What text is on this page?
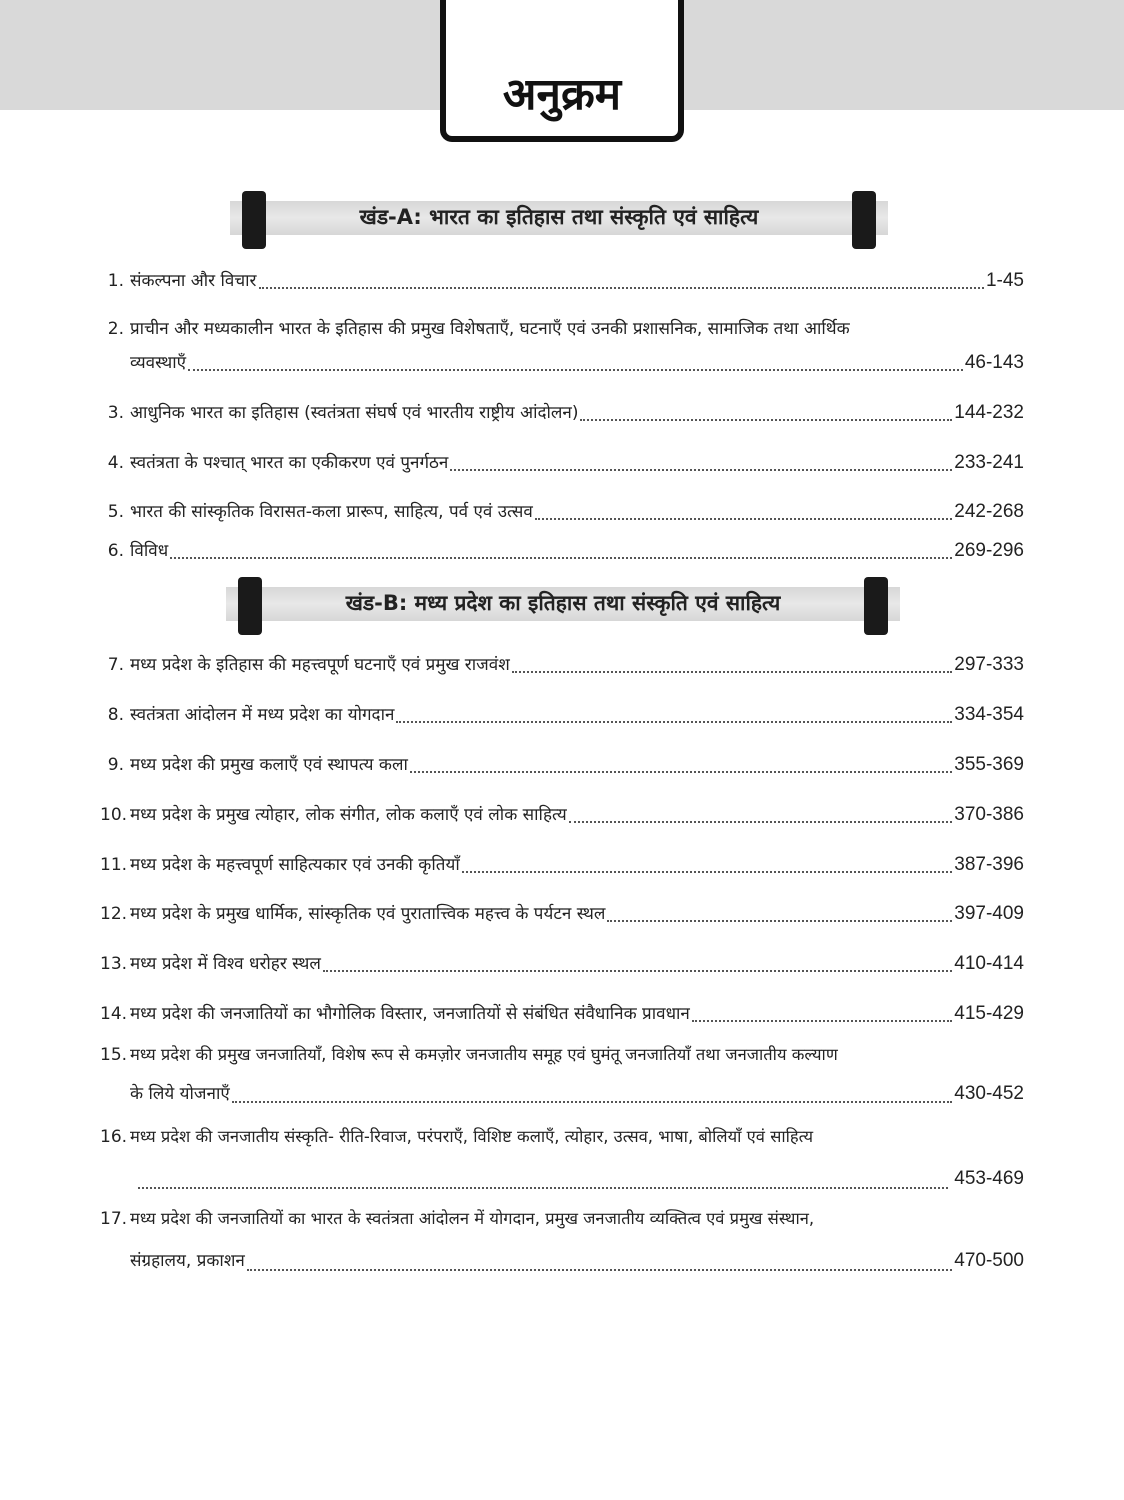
अनुक्रम
खंड-A: भारत का इतिहास तथा संस्कृति एवं साहित्य
खंड-B: मध्य प्रदेश का इतिहास तथा संस्कृति एवं साहित्य
1. संकल्पना और विचार	1-45
2. प्राचीन और मध्यकालीन भारत के इतिहास की प्रमुख विशेषताएँ, घटनाएँ एवं उनकी प्रशासनिक, सामाजिक तथा आर्थिक
व्यवस्थाएँ	46-143
3. आधुनिक भारत का इतिहास (स्वतंत्रता संघर्ष एवं भारतीय राष्ट्रीय आंदोलन)	144-232
4. स्वतंत्रता के पश्चात् भारत का एकीकरण एवं पुनर्गठन	233-241
5. भारत की सांस्कृतिक विरासत-कला प्रारूप, साहित्य, पर्व एवं उत्सव	242-268
6. विविध	269-296
7. मध्य प्रदेश के इतिहास की महत्त्वपूर्ण घटनाएँ एवं प्रमुख राजवंश	297-333
8. स्वतंत्रता आंदोलन में मध्य प्रदेश का योगदान	334-354
9. मध्य प्रदेश की प्रमुख कलाएँ एवं स्थापत्य कला	355-369
10. मध्य प्रदेश के प्रमुख त्योहार, लोक संगीत, लोक कलाएँ एवं लोक साहित्य	370-386
11. मध्य प्रदेश के महत्त्वपूर्ण साहित्यकार एवं उनकी कृतियाँ	387-396
12. मध्य प्रदेश के प्रमुख धार्मिक, सांस्कृतिक एवं पुरातात्त्विक महत्त्व के पर्यटन स्थल	397-409
13. मध्य प्रदेश में विश्व धरोहर स्थल	410-414
14. मध्य प्रदेश की जनजातियों का भौगोलिक विस्तार, जनजातियों से संबंधित संवैधानिक प्रावधान	415-429
15. मध्य प्रदेश की प्रमुख जनजातियाँ, विशेष रूप से कमज़ोर जनजातीय समूह एवं घुमंतू जनजातियाँ तथा जनजातीय कल्याण
के लिये योजनाएँ	430-452
16. मध्य प्रदेश की जनजातीय संस्कृति- रीति-रिवाज, परंपराएँ, विशिष्ट कलाएँ, त्योहार, उत्सव, भाषा, बोलियाँ एवं साहित्य
453-469
17. मध्य प्रदेश की जनजातियों का भारत के स्वतंत्रता आंदोलन में योगदान, प्रमुख जनजातीय व्यक्तित्व एवं प्रमुख संस्थान,
संग्रहालय, प्रकाशन	470-500
